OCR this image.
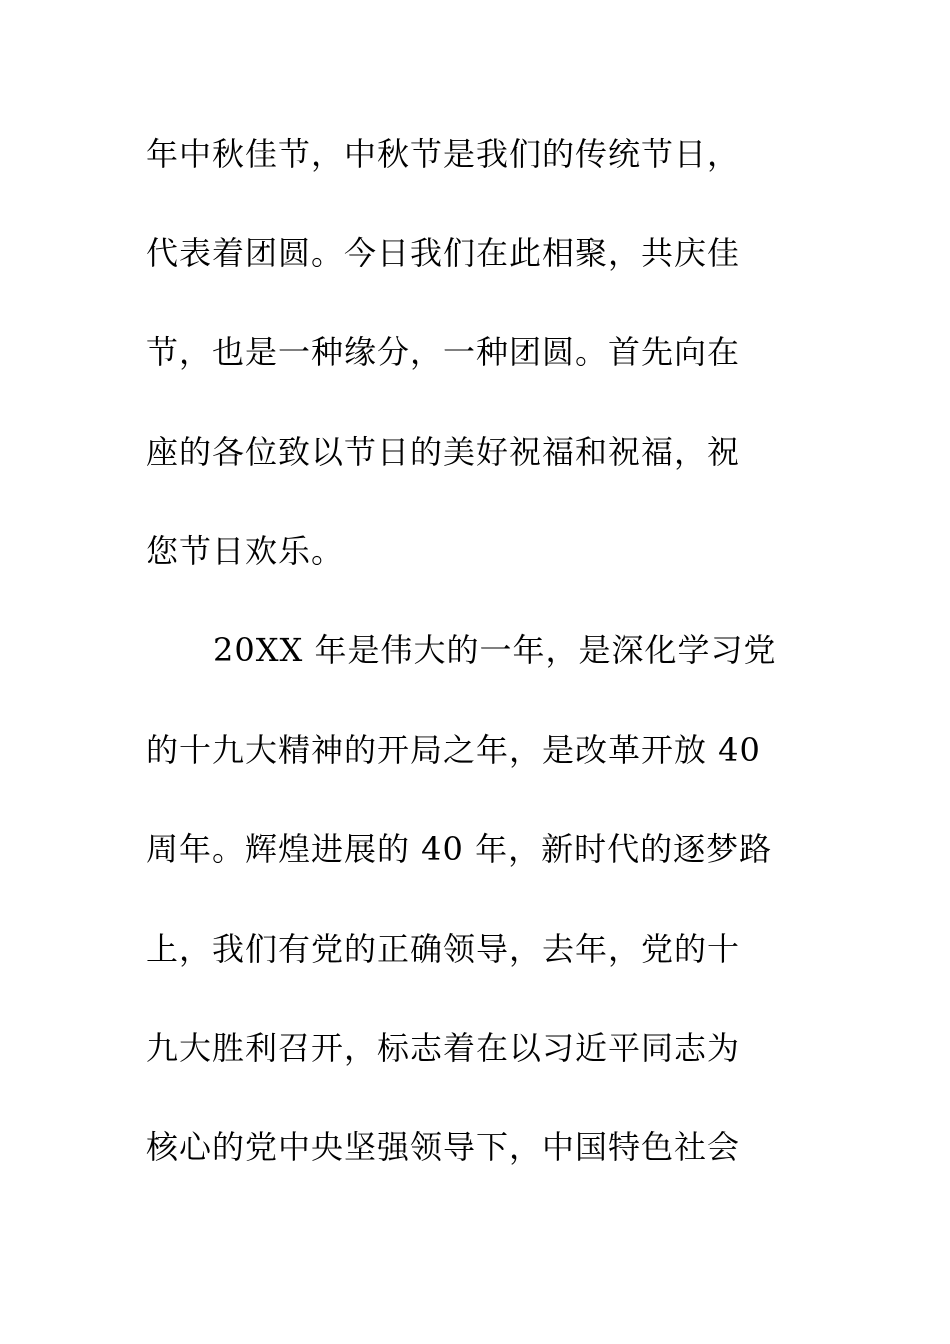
年中秋佳节，中秋节是我们的传统节日，

代表着团圆。今日我们在此相聚，共庆佳

节，也是一种缘分，一种团圆。首先向在

座的各位致以节日的美好祝福和祝福，祝

您节日欢乐。

20XX 年是伟大的一年，是深化学习党

的十九大精神的开局之年，是改革开放 40

周年。辉煌进展的 40 年，新时代的逐梦路

上，我们有党的正确领导，去年，党的十

九大胜利召开，标志着在以习近平同志为

核心的党中央坚强领导下，中国特色社会
